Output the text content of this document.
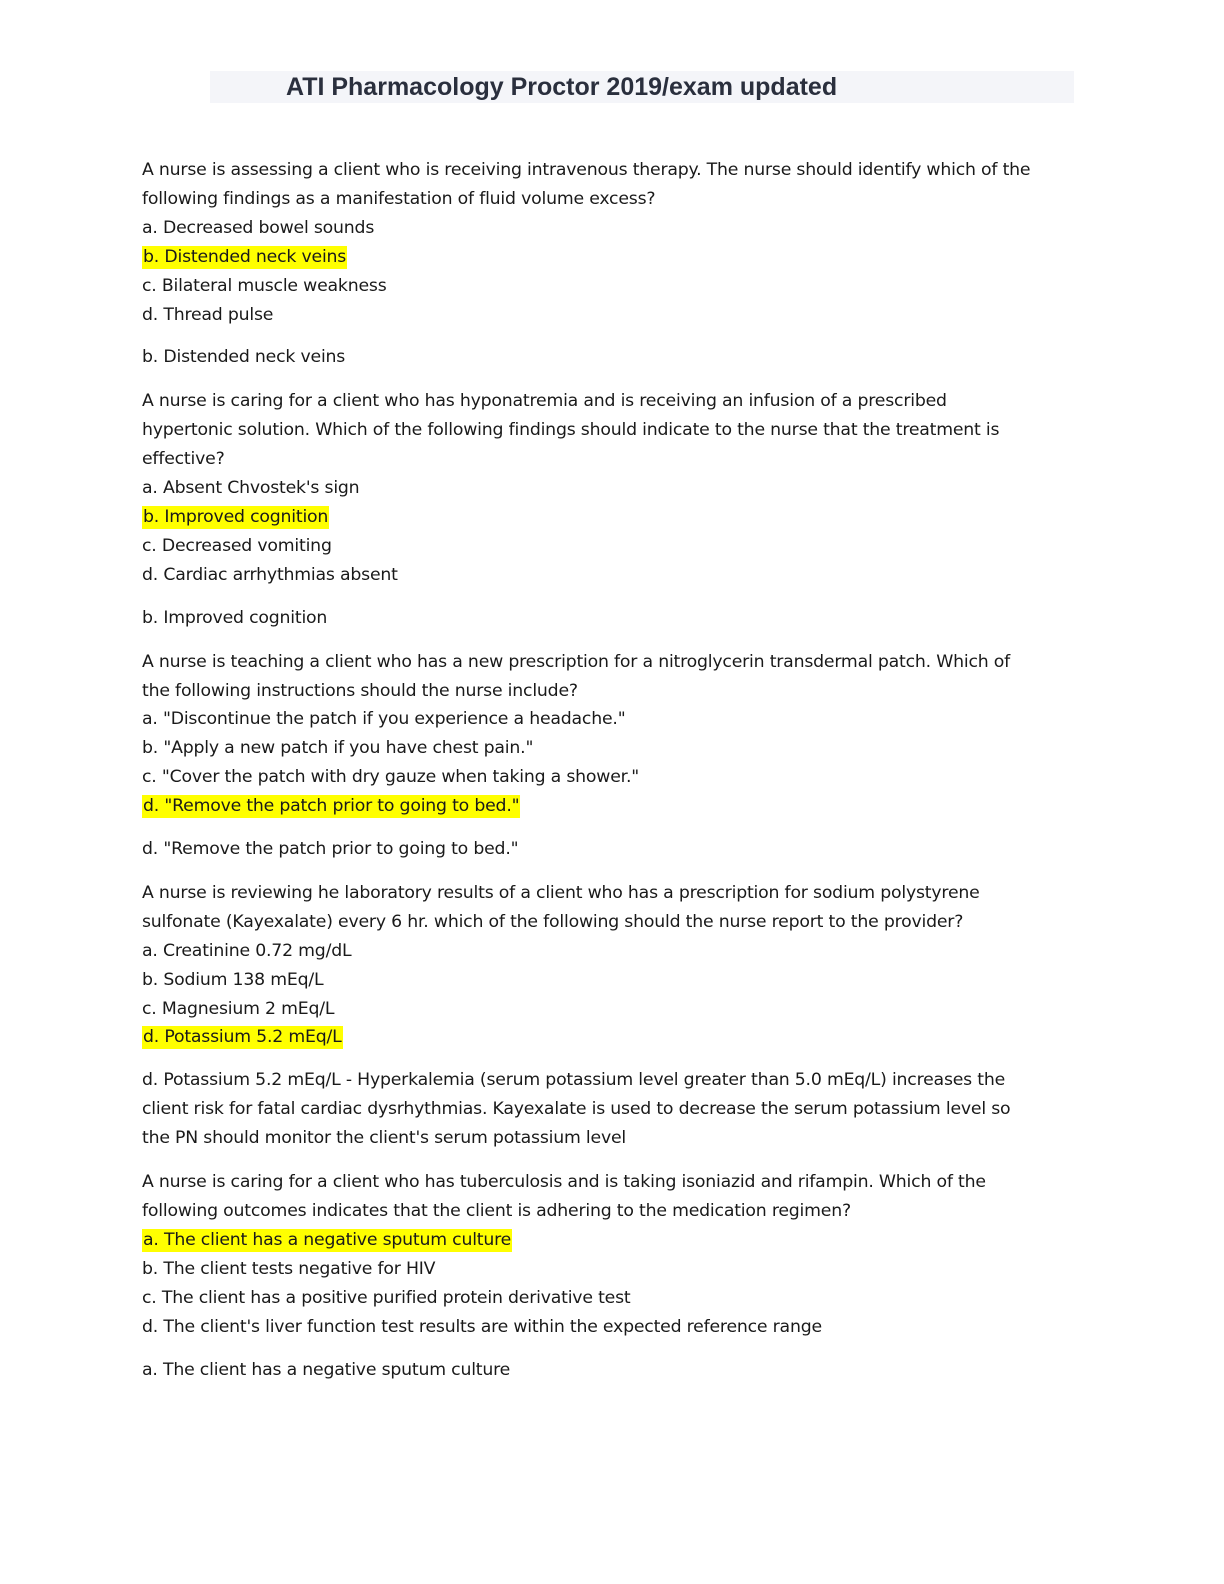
ATI Pharmacology Proctor 2019/exam updated
A nurse is assessing a client who is receiving intravenous therapy. The nurse should identify which of the
following findings as a manifestation of fluid volume excess?
a. Decreased bowel sounds
b. Distended neck veins
c. Bilateral muscle weakness
d. Thread pulse
b. Distended neck veins
A nurse is caring for a client who has hyponatremia and is receiving an infusion of a prescribed
hypertonic solution. Which of the following findings should indicate to the nurse that the treatment is
effective?
a. Absent Chvostek's sign
b. Improved cognition
c. Decreased vomiting
d. Cardiac arrhythmias absent
b. Improved cognition
A nurse is teaching a client who has a new prescription for a nitroglycerin transdermal patch. Which of
the following instructions should the nurse include?
a. "Discontinue the patch if you experience a headache."
b. "Apply a new patch if you have chest pain."
c. "Cover the patch with dry gauze when taking a shower."
d. "Remove the patch prior to going to bed."
d. "Remove the patch prior to going to bed."
A nurse is reviewing he laboratory results of a client who has a prescription for sodium polystyrene
sulfonate (Kayexalate) every 6 hr. which of the following should the nurse report to the provider?
a. Creatinine 0.72 mg/dL
b. Sodium 138 mEq/L
c. Magnesium 2 mEq/L
d. Potassium 5.2 mEq/L
d. Potassium 5.2 mEq/L - Hyperkalemia (serum potassium level greater than 5.0 mEq/L) increases the
client risk for fatal cardiac dysrhythmias. Kayexalate is used to decrease the serum potassium level so
the PN should monitor the client's serum potassium level
A nurse is caring for a client who has tuberculosis and is taking isoniazid and rifampin. Which of the
following outcomes indicates that the client is adhering to the medication regimen?
a. The client has a negative sputum culture
b. The client tests negative for HIV
c. The client has a positive purified protein derivative test
d. The client's liver function test results are within the expected reference range
a. The client has a negative sputum culture
